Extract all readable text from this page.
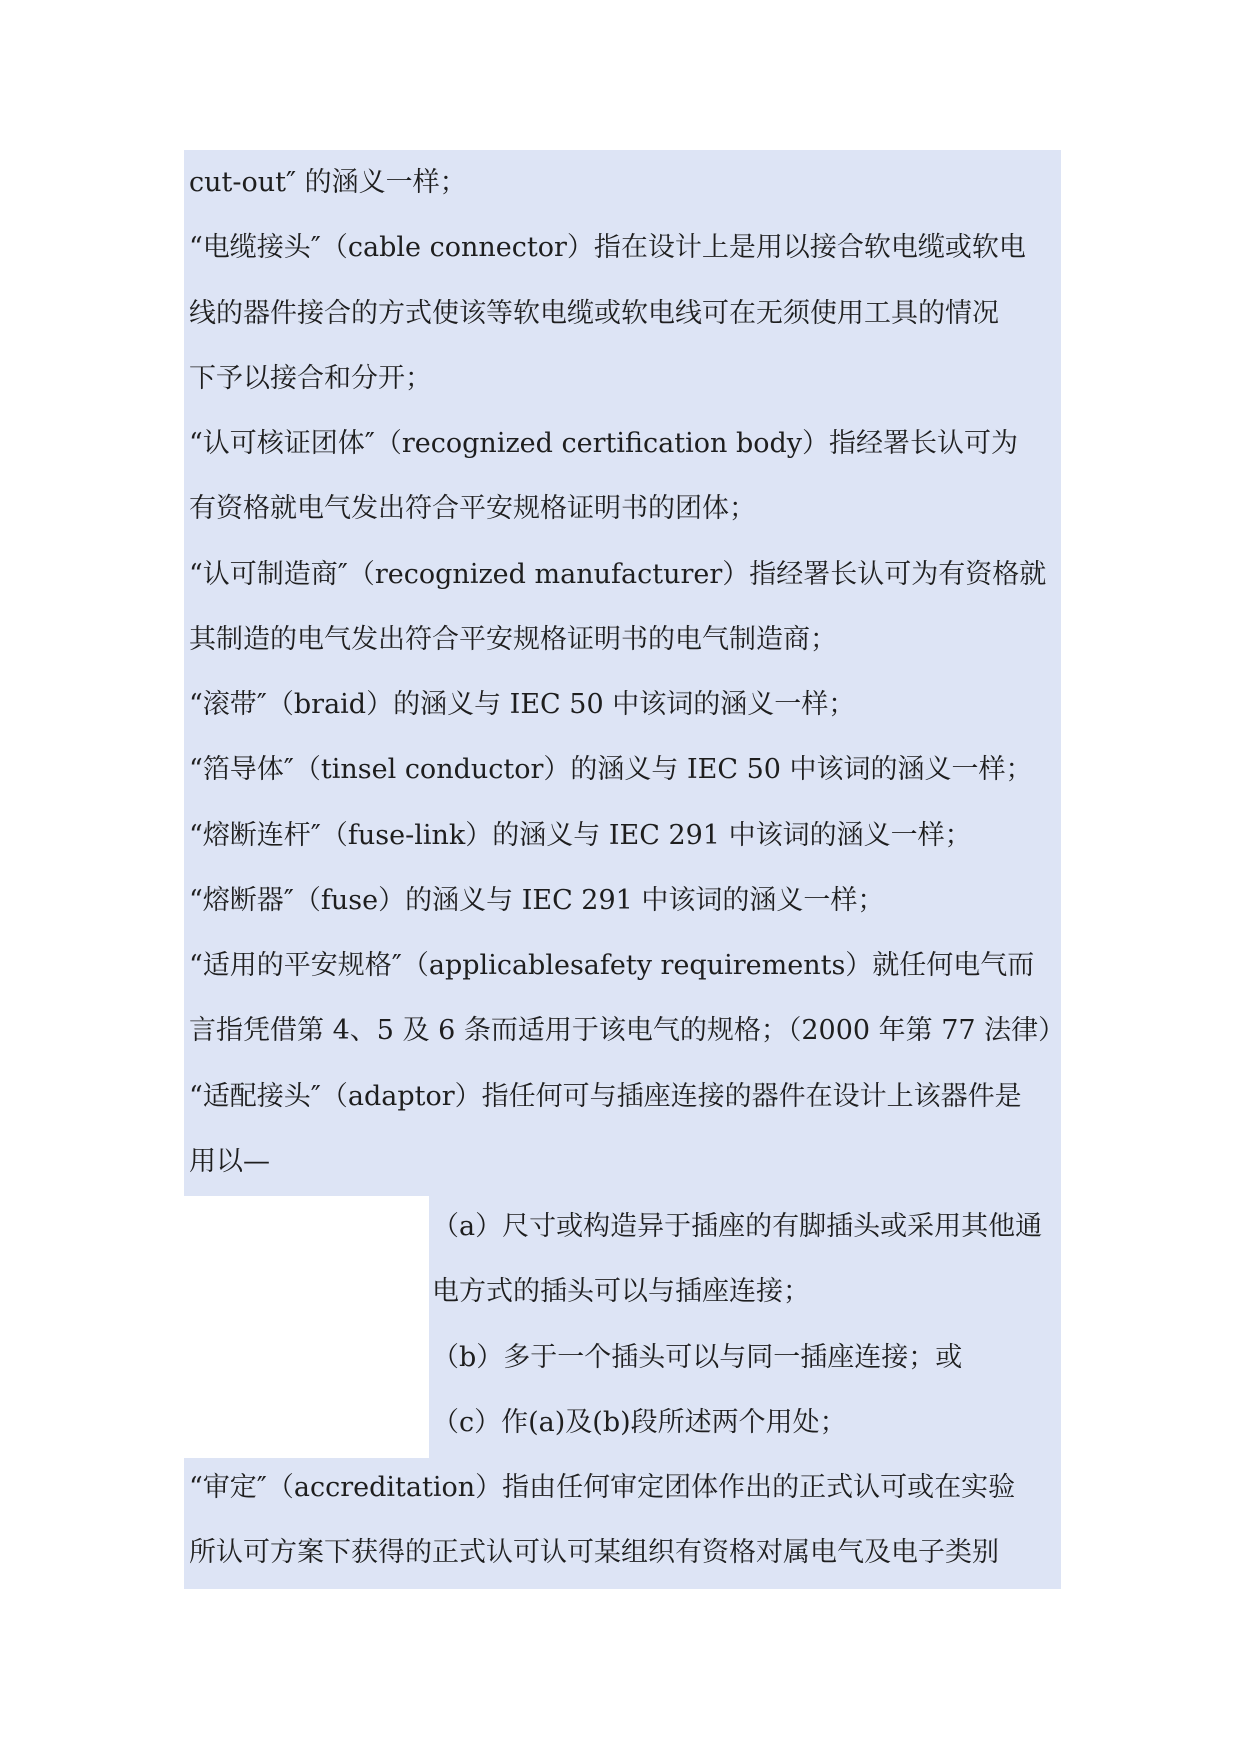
cut-out″ 的涵义一样；
“电缆接头″（cable connector）指在设计上是用以接合软电缆或软电
线的器件接合的方式使该等软电缆或软电线可在无须使用工具的情况
下予以接合和分开；
“认可核证团体″（recognized certification body）指经署长认可为
有资格就电气发出符合平安规格证明书的团体；
“认可制造商″（recognized manufacturer）指经署长认可为有资格就
其制造的电气发出符合平安规格证明书的电气制造商；
“滚带″（braid）的涵义与 IEC 50 中该词的涵义一样；
“箔导体″（tinsel conductor）的涵义与 IEC 50 中该词的涵义一样；
“熔断连杆″（fuse-link）的涵义与 IEC 291 中该词的涵义一样；
“熔断器″（fuse）的涵义与 IEC 291 中该词的涵义一样；
“适用的平安规格″（applicablesafety requirements）就任何电气而
言指凭借第 4、5 及 6 条而适用于该电气的规格；（2000 年第 77 法律）
“适配接头″（adaptor）指任何可与插座连接的器件在设计上该器件是
用以—
（a）尺寸或构造异于插座的有脚插头或采用其他通
电方式的插头可以与插座连接；
（b）多于一个插头可以与同一插座连接；或
（c）作(a)及(b)段所述两个用处；
“审定″（accreditation）指由任何审定团体作出的正式认可或在实验
所认可方案下获得的正式认可认可某组织有资格对属电气及电子类别
